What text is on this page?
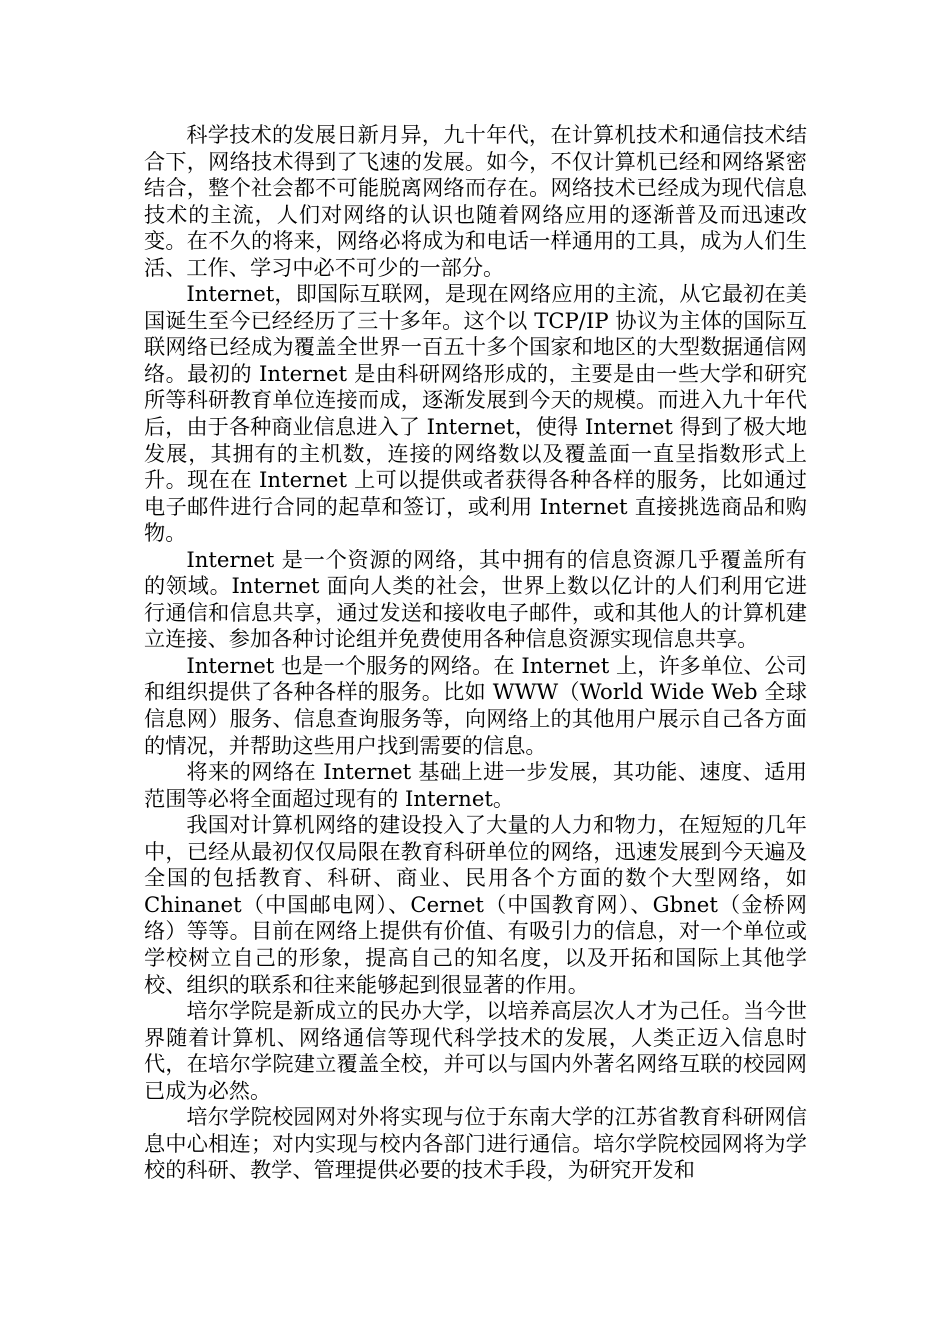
科学技术的发展日新月异，九十年代，在计算机技术和通信技术结合下，网络技术得到了飞速的发展。如今，不仅计算机已经和网络紧密结合，整个社会都不可能脱离网络而存在。网络技术已经成为现代信息技术的主流，人们对网络的认识也随着网络应用的逐渐普及而迅速改变。在不久的将来，网络必将成为和电话一样通用的工具，成为人们生活、工作、学习中必不可少的一部分。

Internet，即国际互联网，是现在网络应用的主流，从它最初在美国诞生至今已经经历了三十多年。这个以 TCP/IP 协议为主体的国际互联网络已经成为覆盖全世界一百五十多个国家和地区的大型数据通信网络。最初的 Internet 是由科研网络形成的，主要是由一些大学和研究所等科研教育单位连接而成，逐渐发展到今天的规模。而进入九十年代后，由于各种商业信息进入了 Internet，使得 Internet 得到了极大地发展，其拥有的主机数，连接的网络数以及覆盖面一直呈指数形式上升。现在在 Internet 上可以提供或者获得各种各样的服务，比如通过电子邮件进行合同的起草和签订，或利用 Internet 直接挑选商品和购物。

Internet 是一个资源的网络，其中拥有的信息资源几乎覆盖所有的领域。Internet 面向人类的社会，世界上数以亿计的人们利用它进行通信和信息共享，通过发送和接收电子邮件，或和其他人的计算机建立连接、参加各种讨论组并免费使用各种信息资源实现信息共享。

Internet 也是一个服务的网络。在 Internet 上，许多单位、公司和组织提供了各种各样的服务。比如 WWW（World Wide Web 全球信息网）服务、信息查询服务等，向网络上的其他用户展示自己各方面的情况，并帮助这些用户找到需要的信息。

将来的网络在 Internet 基础上进一步发展，其功能、速度、适用范围等必将全面超过现有的 Internet。

我国对计算机网络的建设投入了大量的人力和物力，在短短的几年中，已经从最初仅仅局限在教育科研单位的网络，迅速发展到今天遍及全国的包括教育、科研、商业、民用各个方面的数个大型网络，如 Chinanet（中国邮电网）、Cernet（中国教育网）、Gbnet（金桥网络）等等。目前在网络上提供有价值、有吸引力的信息，对一个单位或学校树立自己的形象，提高自己的知名度，以及开拓和国际上其他学校、组织的联系和往来能够起到很显著的作用。

培尔学院是新成立的民办大学，以培养高层次人才为己任。当今世界随着计算机、网络通信等现代科学技术的发展，人类正迈入信息时代，在培尔学院建立覆盖全校，并可以与国内外著名网络互联的校园网已成为必然。

培尔学院校园网对外将实现与位于东南大学的江苏省教育科研网信息中心相连；对内实现与校内各部门进行通信。培尔学院校园网将为学校的科研、教学、管理提供必要的技术手段，为研究开发和
